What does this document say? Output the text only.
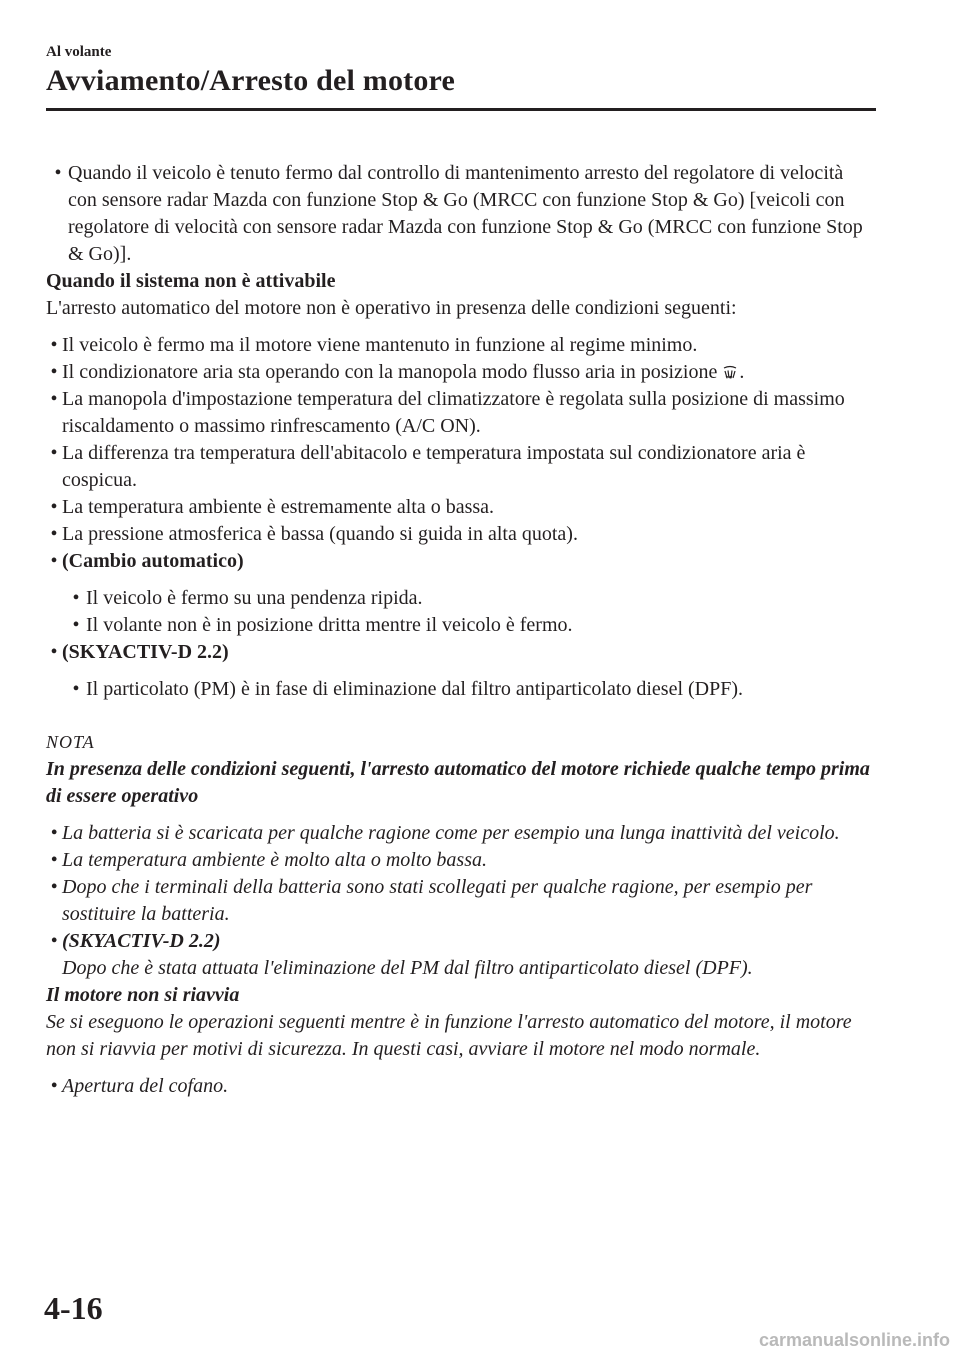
Al volante
Avviamento/Arresto del motore
• Quando il veicolo è tenuto fermo dal controllo di mantenimento arresto del regolatore di velocità con sensore radar Mazda con funzione Stop & Go (MRCC con funzione Stop & Go) [veicoli con regolatore di velocità con sensore radar Mazda con funzione Stop & Go (MRCC con funzione Stop & Go)].

Quando il sistema non è attivabile

L'arresto automatico del motore non è operativo in presenza delle condizioni seguenti:

• Il veicolo è fermo ma il motore viene mantenuto in funzione al regime minimo.
• Il condizionatore aria sta operando con la manopola modo flusso aria in posizione .
• La manopola d'impostazione temperatura del climatizzatore è regolata sulla posizione di massimo riscaldamento o massimo rinfrescamento (A/C ON).
• La differenza tra temperatura dell'abitacolo e temperatura impostata sul condizionatore aria è cospicua.
• La temperatura ambiente è estremamente alta o bassa.
• La pressione atmosferica è bassa (quando si guida in alta quota).
• (Cambio automatico)
• Il veicolo è fermo su una pendenza ripida.
• Il volante non è in posizione dritta mentre il veicolo è fermo.
• (SKYACTIV-D 2.2)
• Il particolato (PM) è in fase di eliminazione dal filtro antiparticolato diesel (DPF).

NOTA

In presenza delle condizioni seguenti, l'arresto automatico del motore richiede qualche tempo prima di essere operativo

• La batteria si è scaricata per qualche ragione come per esempio una lunga inattività del veicolo.
• La temperatura ambiente è molto alta o molto bassa.
• Dopo che i terminali della batteria sono stati scollegati per qualche ragione, per esempio per sostituire la batteria.
• (SKYACTIV-D 2.2)
Dopo che è stata attuata l'eliminazione del PM dal filtro antiparticolato diesel (DPF).

Il motore non si riavvia

Se si eseguono le operazioni seguenti mentre è in funzione l'arresto automatico del motore, il motore non si riavvia per motivi di sicurezza. In questi casi, avviare il motore nel modo normale.

• Apertura del cofano.
4-16
carmanualsonline.info
